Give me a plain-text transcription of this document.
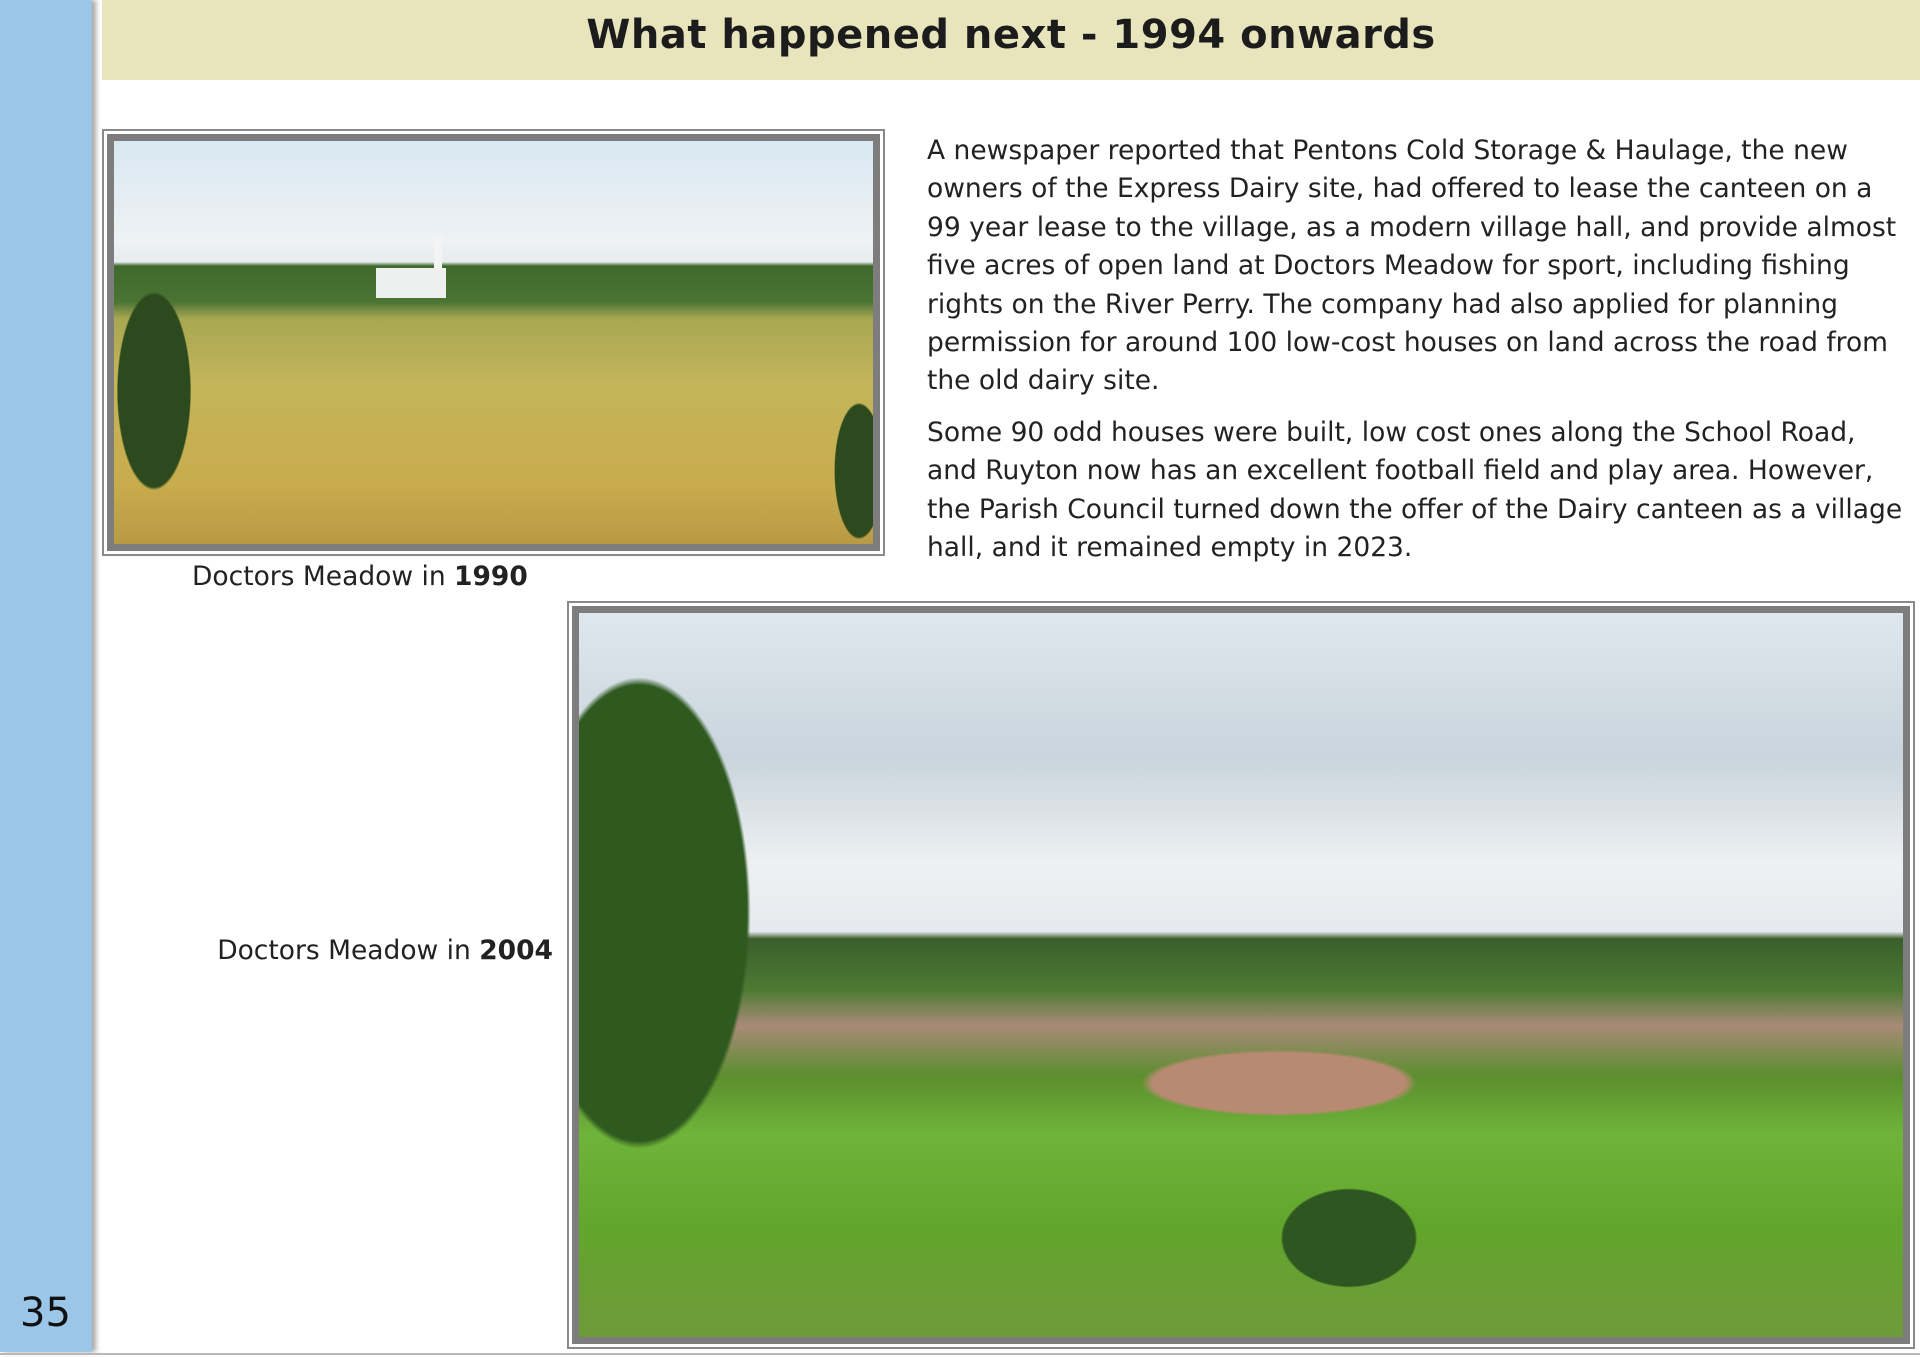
35
What happened next - 1994 onwards
Doctors Meadow in 1990

A newspaper reported that Pentons Cold Storage & Haulage, the new owners of the Express Dairy site, had offered to lease the canteen on a 99 year lease to the village, as a modern village hall, and provide almost five acres of open land at Doctors Meadow for sport, including fishing rights on the River Perry. The company had also applied for planning permission for around 100 low-cost houses on land across the road from the old dairy site.

Some 90 odd houses were built, low cost ones along the School Road, and Ruyton now has an excellent football field and play area. However, the Parish Council turned down the offer of the Dairy canteen as a village hall, and it remained empty in 2023.

Doctors Meadow in 2004
